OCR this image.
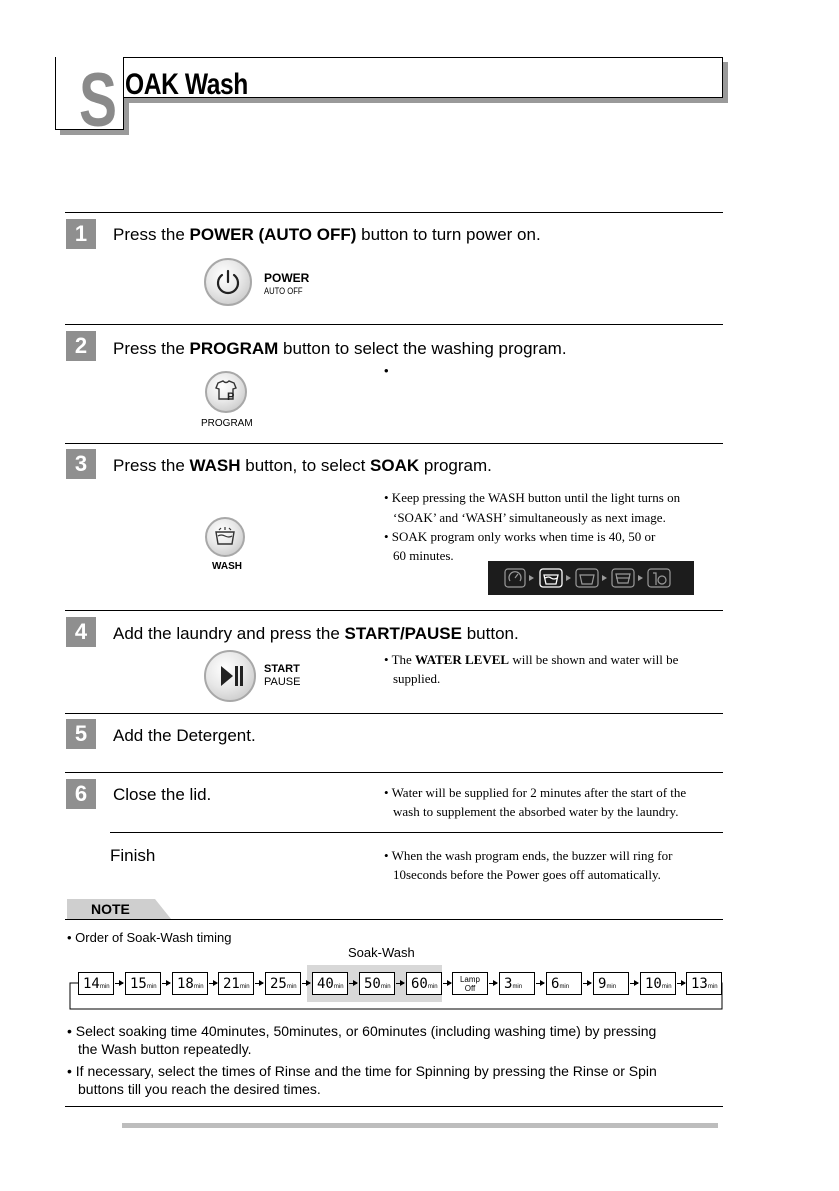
S OAK Wash
1	Press the POWER (AUTO OFF) button to turn power on.
POWER
AUTO OFF
2	Press the PROGRAM button to select the washing program.
•
P
PROGRAM
3	Press the WASH button, to select SOAK program.
• Keep pressing the WASH button until the light turns on
‘SOAK’ and ‘WASH’ simultaneously as next image.
• SOAK program only works when time is 40, 50 or
60 minutes.
WASH
4	Add the laundry and press the START/PAUSE button.
START
PAUSE
• The WATER LEVEL will be shown and water will be
supplied.
5	Add the Detergent.
6	Close the lid.	• Water will be supplied for 2 minutes after the start of the
wash to supplement the absorbed water by the laundry.
Finish	• When the wash program ends, the buzzer will ring for
10seconds before the Power goes off automatically.
NOTE
• Order of Soak-Wash timing
Soak-Wash
• Select soaking time 40minutes, 50minutes, or 60minutes (including washing time) by pressing
the Wash button repeatedly.
• If necessary, select the times of Rinse and the time for Spinning by pressing the Rinse or Spin
buttons till you reach the desired times.
14min	15min	18min	21min	25min	40min	50min	60min
Lamp
Off	3min	6min	9min	10min	13min
